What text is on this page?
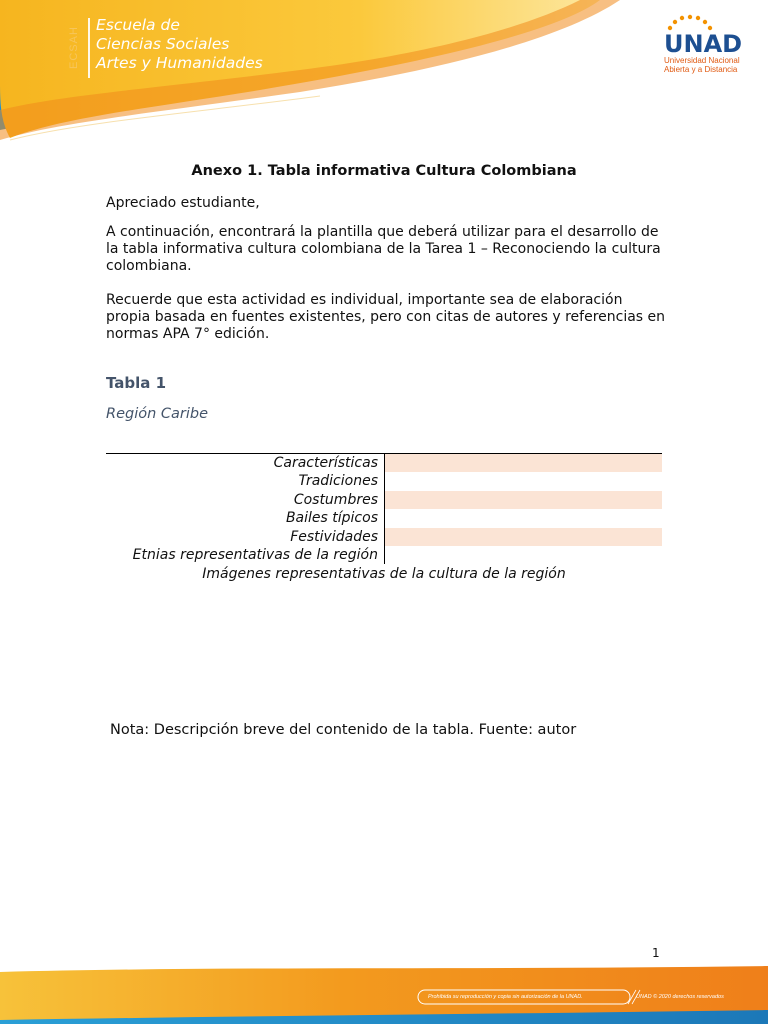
ECSAH
Escuela de
Ciencias Sociales
Artes y Humanidades
UNAD
Universidad Nacional
Abierta y a Distancia
Anexo 1. Tabla informativa Cultura Colombiana
Apreciado estudiante,
A continuación, encontrará la plantilla que deberá utilizar para el desarrollo de la tabla informativa cultura colombiana de la Tarea 1 – Reconociendo la cultura colombiana.
Recuerde que esta actividad es individual, importante sea de elaboración propia basada en fuentes existentes, pero con citas de autores y referencias en normas APA 7° edición.
Tabla 1
Región Caribe
Características
Tradiciones
Costumbres
Bailes típicos
Festividades
Etnias representativas de la región
Imágenes representativas de la cultura de la región
Nota: Descripción breve del contenido de la tabla. Fuente: autor
1
Prohibida su reproducción y copia sin autorización de la UNAD.	UNAD © 2020 derechos reservados
